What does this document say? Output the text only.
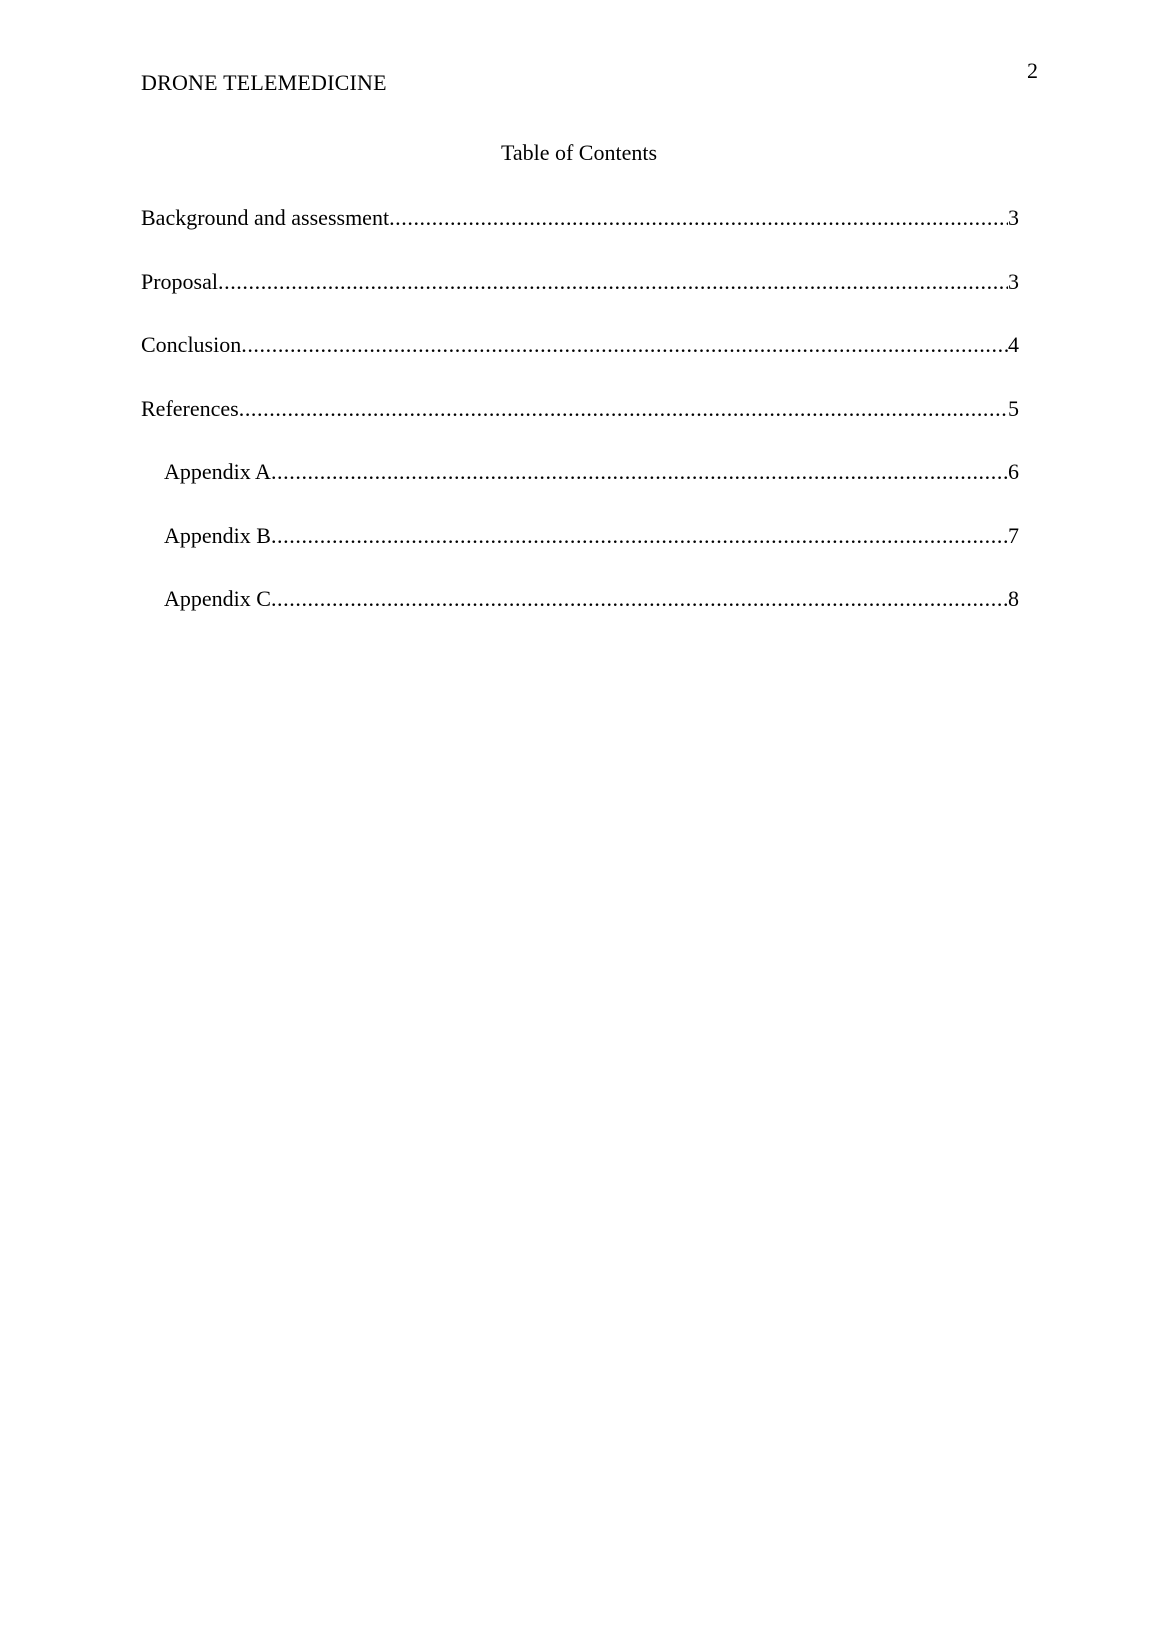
DRONE TELEMEDICINE	2
Table of Contents
Background and assessment .....	3
Proposal .....	3
Conclusion .....	4
References .....	5
Appendix A .....	6
Appendix B .....	7
Appendix C .....	8
